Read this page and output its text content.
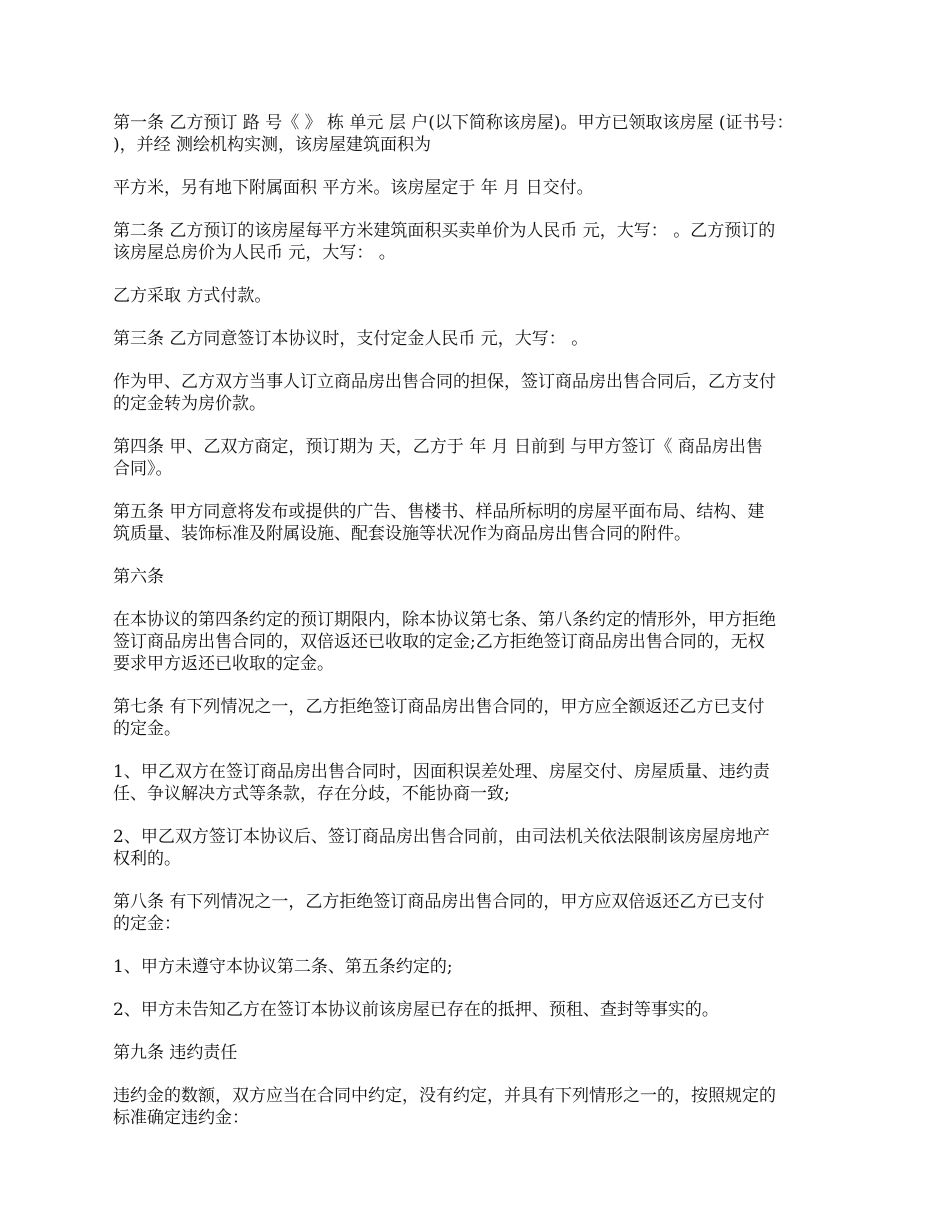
第一条 乙方预订 路 号《 》 栋 单元 层 户(以下简称该房屋)。甲方已领取该房屋 (证书号：
)，并经 测绘机构实测，该房屋建筑面积为

平方米，另有地下附属面积 平方米。该房屋定于 年 月 日交付。

第二条 乙方预订的该房屋每平方米建筑面积买卖单价为人民币 元，大写： 。乙方预订的
该房屋总房价为人民币 元，大写： 。

乙方采取 方式付款。

第三条 乙方同意签订本协议时，支付定金人民币 元，大写： 。

作为甲、乙方双方当事人订立商品房出售合同的担保，签订商品房出售合同后，乙方支付
的定金转为房价款。

第四条 甲、乙双方商定，预订期为 天，乙方于 年 月 日前到 与甲方签订《 商品房出售
合同》。

第五条 甲方同意将发布或提供的广告、售楼书、样品所标明的房屋平面布局、结构、建
筑质量、装饰标准及附属设施、配套设施等状况作为商品房出售合同的附件。

第六条

在本协议的第四条约定的预订期限内，除本协议第七条、第八条约定的情形外，甲方拒绝
签订商品房出售合同的，双倍返还已收取的定金;乙方拒绝签订商品房出售合同的，无权
要求甲方返还已收取的定金。

第七条 有下列情况之一，乙方拒绝签订商品房出售合同的，甲方应全额返还乙方已支付
的定金。

1、甲乙双方在签订商品房出售合同时，因面积误差处理、房屋交付、房屋质量、违约责
任、争议解决方式等条款，存在分歧，不能协商一致;

2、甲乙双方签订本协议后、签订商品房出售合同前，由司法机关依法限制该房屋房地产
权利的。

第八条 有下列情况之一，乙方拒绝签订商品房出售合同的，甲方应双倍返还乙方已支付
的定金：

1、甲方未遵守本协议第二条、第五条约定的;

2、甲方未告知乙方在签订本协议前该房屋已存在的抵押、预租、查封等事实的。

第九条 违约责任

违约金的数额，双方应当在合同中约定，没有约定，并具有下列情形之一的，按照规定的
标准确定违约金：
